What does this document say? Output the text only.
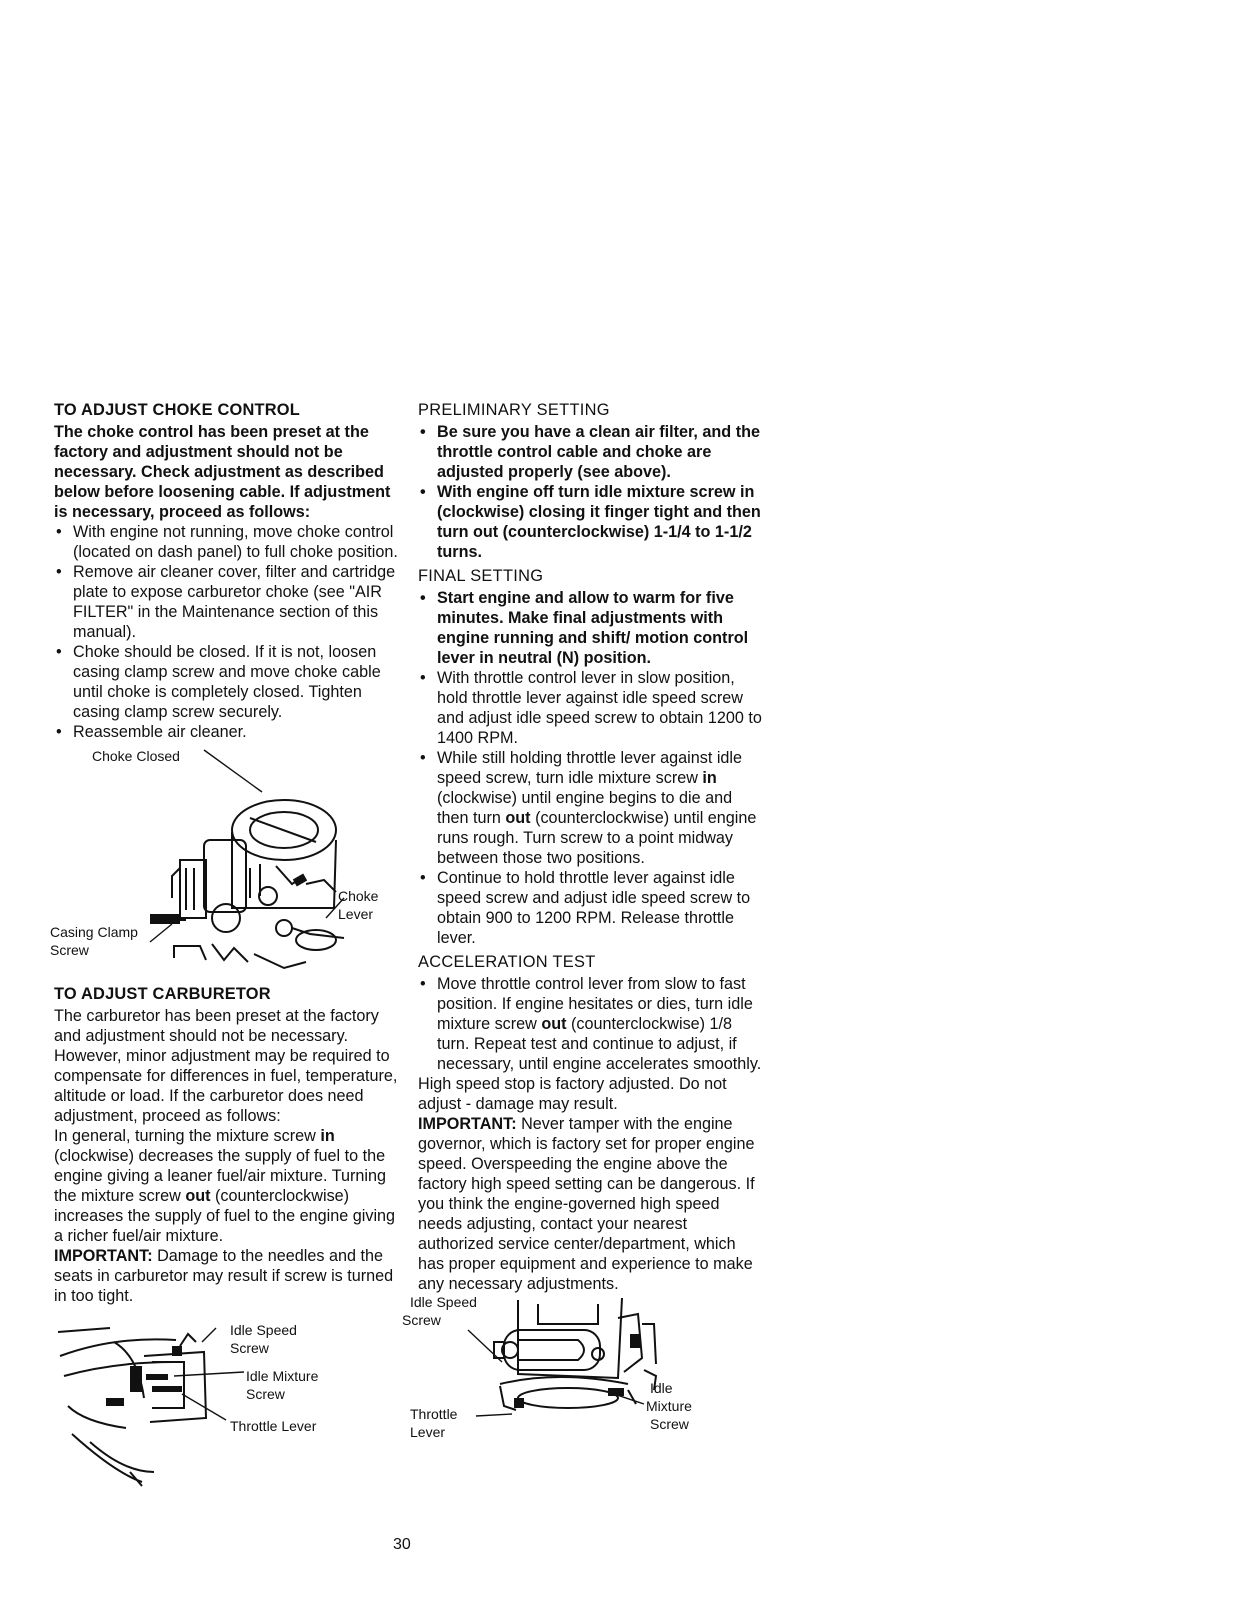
TO ADJUST CHOKE CONTROL

The choke control has been preset at the factory and adjustment should not be necessary. Check adjustment as described below before loosening cable. If adjustment is necessary, proceed as follows:

• With engine not running, move choke control (located on dash panel) to full choke position.
• Remove air cleaner cover, filter and cartridge plate to expose carburetor choke (see "AIR FILTER" in the Maintenance section of this manual).
• Choke should be closed. If it is not, loosen casing clamp screw and move choke cable until choke is completely closed. Tighten casing clamp screw securely.
• Reassemble air cleaner.
Choke Closed
Choke
Lever
Casing Clamp
Screw
TO ADJUST CARBURETOR

The carburetor has been preset at the factory and adjustment should not be necessary. However, minor adjustment may be required to compensate for differences in fuel, temperature, altitude or load. If the carburetor does need adjustment, proceed as follows:

In general, turning the mixture screw in (clockwise) decreases the supply of fuel to the engine giving a leaner fuel/air mixture. Turning the mixture screw out (counterclockwise) increases the supply of fuel to the engine giving a richer fuel/air mixture.

IMPORTANT: Damage to the needles and the seats in carburetor may result if screw is turned in too tight.

Idle Speed
Screw
Idle Mixture
Screw
Throttle Lever
PRELIMINARY SETTING
• Be sure you have a clean air filter, and the throttle control cable and choke are adjusted properly (see above).
• With engine off turn idle mixture screw in (clockwise) closing it finger tight and then turn out (counterclockwise) 1-1/4 to 1-1/2 turns.
FINAL SETTING
• Start engine and allow to warm for five minutes. Make final adjustments with engine running and shift/ motion control lever in neutral (N) position.
• With throttle control lever in slow position, hold throttle lever against idle speed screw and adjust idle speed screw to obtain 1200 to 1400 RPM.
• While still holding throttle lever against idle speed screw, turn idle mixture screw in (clockwise) until engine begins to die and then turn out (counterclockwise) until engine runs rough. Turn screw to a point midway between those two positions.
• Continue to hold throttle lever against idle speed screw and adjust idle speed screw to obtain 900 to 1200 RPM. Release throttle lever.
ACCELERATION TEST
• Move throttle control lever from slow to fast position. If engine hesitates or dies, turn idle mixture screw out (counterclockwise) 1/8 turn. Repeat test and continue to adjust, if necessary, until engine accelerates smoothly.

High speed stop is factory adjusted. Do not adjust - damage may result.

IMPORTANT: Never tamper with the engine governor, which is factory set for proper engine speed. Overspeeding the engine above the factory high speed setting can be dangerous. If you think the engine-governed high speed needs adjusting, contact your nearest authorized service center/department, which has proper equipment and experience to make any necessary adjustments.

Idle Speed
Screw
Idle
Mixture
Screw
Throttle
Lever
30
